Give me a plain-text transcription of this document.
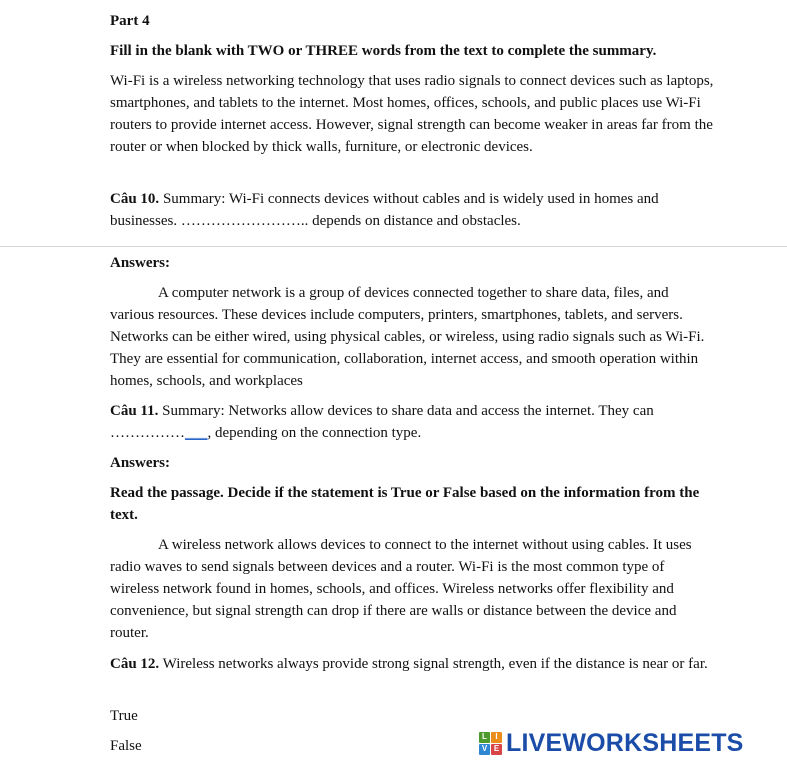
Part 4
Fill in the blank with TWO or THREE words from the text to complete the summary.
Wi-Fi is a wireless networking technology that uses radio signals to connect devices such as laptops, smartphones, and tablets to the internet. Most homes, offices, schools, and public places use Wi-Fi routers to provide internet access. However, signal strength can become weaker in areas far from the router or when blocked by thick walls, furniture, or electronic devices.
Câu 10. Summary: Wi-Fi connects devices without cables and is widely used in homes and businesses. …………………….. depends on distance and obstacles.
Answers:
A computer network is a group of devices connected together to share data, files, and various resources. These devices include computers, printers, smartphones, tablets, and servers. Networks can be either wired, using physical cables, or wireless, using radio signals such as Wi-Fi. They are essential for communication, collaboration, internet access, and smooth operation within homes, schools, and workplaces
Câu 11. Summary: Networks allow devices to share data and access the internet. They can ……………___, depending on the connection type.
Answers:
Read the passage. Decide if the statement is True or False based on the information from the text.
A wireless network allows devices to connect to the internet without using cables. It uses radio waves to send signals between devices and a router. Wi-Fi is the most common type of wireless network found in homes, schools, and offices. Wireless networks offer flexibility and convenience, but signal strength can drop if there are walls or distance between the device and router.
Câu 12. Wireless networks always provide strong signal strength, even if the distance is near or far.
True
False
L	I
V E LIVEWORKSHEETS
